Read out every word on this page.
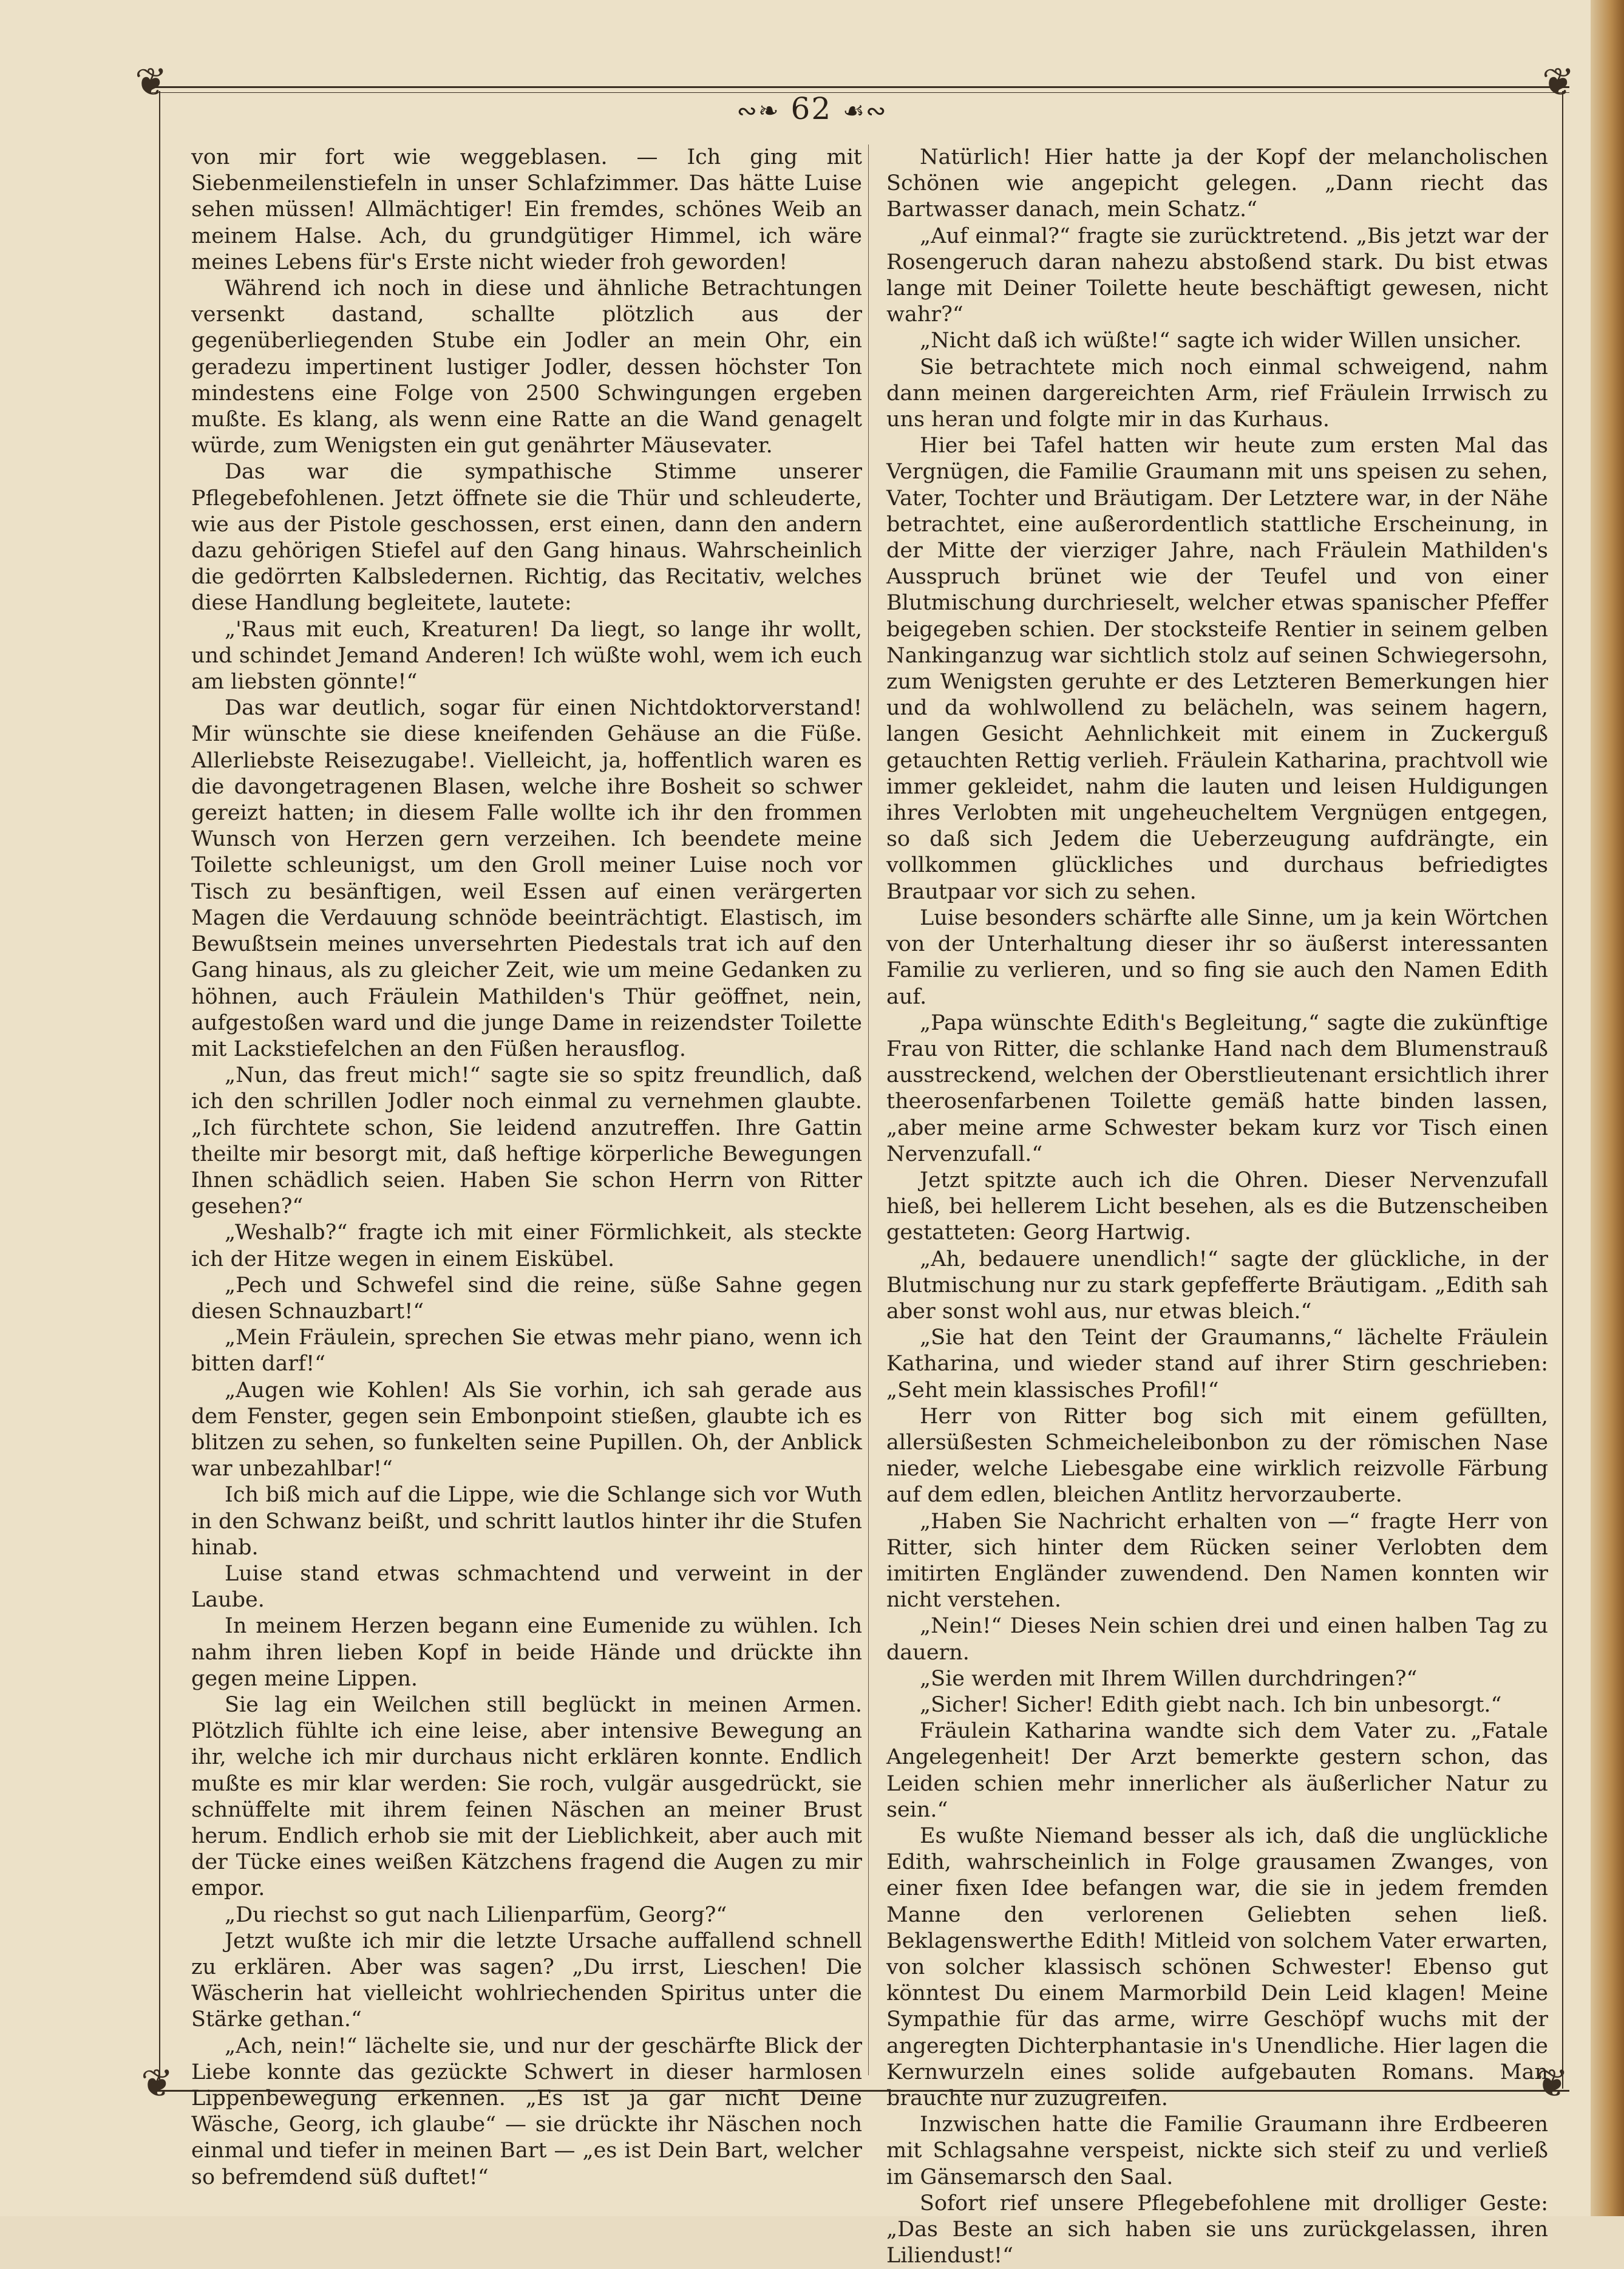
❦	❦
❦	❦
∾❧ 62 ☙∾

von mir fort wie weggeblasen. — Ich ging mit Siebenmeilenstiefeln in unser Schlafzimmer. Das hätte Luise sehen müssen! Allmächtiger! Ein fremdes, schönes Weib an meinem Halse. Ach, du grundgütiger Himmel, ich wäre meines Lebens für's Erste nicht wieder froh geworden!

Während ich noch in diese und ähnliche Betrachtungen versenkt dastand, schallte plötzlich aus der gegenüberliegenden Stube ein Jodler an mein Ohr, ein geradezu impertinent lustiger Jodler, dessen höchster Ton mindestens eine Folge von 2500 Schwingungen ergeben mußte. Es klang, als wenn eine Ratte an die Wand genagelt würde, zum Wenigsten ein gut genährter Mäusevater.

Das war die sympathische Stimme unserer Pflegebefohlenen. Jetzt öffnete sie die Thür und schleuderte, wie aus der Pistole geschossen, erst einen, dann den andern dazu gehörigen Stiefel auf den Gang hinaus. Wahrscheinlich die gedörrten Kalbsledernen. Richtig, das Recitativ, welches diese Handlung begleitete, lautete:

„'Raus mit euch, Kreaturen! Da liegt, so lange ihr wollt, und schindet Jemand Anderen! Ich wüßte wohl, wem ich euch am liebsten gönnte!“

Das war deutlich, sogar für einen Nichtdoktorverstand! Mir wünschte sie diese kneifenden Gehäuse an die Füße. Allerliebste Reisezugabe!. Vielleicht, ja, hoffentlich waren es die davongetragenen Blasen, welche ihre Bosheit so schwer gereizt hatten; in diesem Falle wollte ich ihr den frommen Wunsch von Herzen gern verzeihen. Ich beendete meine Toilette schleunigst, um den Groll meiner Luise noch vor Tisch zu besänftigen, weil Essen auf einen verärgerten Magen die Verdauung schnöde beeinträchtigt. Elastisch, im Bewußtsein meines unversehrten Piedestals trat ich auf den Gang hinaus, als zu gleicher Zeit, wie um meine Gedanken zu höhnen, auch Fräulein Mathilden's Thür geöffnet, nein, aufgestoßen ward und die junge Dame in reizendster Toilette mit Lackstiefelchen an den Füßen herausflog.

„Nun, das freut mich!“ sagte sie so spitz freundlich, daß ich den schrillen Jodler noch einmal zu vernehmen glaubte. „Ich fürchtete schon, Sie leidend anzutreffen. Ihre Gattin theilte mir besorgt mit, daß heftige körperliche Bewegungen Ihnen schädlich seien. Haben Sie schon Herrn von Ritter gesehen?“

„Weshalb?“ fragte ich mit einer Förmlichkeit, als steckte ich der Hitze wegen in einem Eiskübel.

„Pech und Schwefel sind die reine, süße Sahne gegen diesen Schnauzbart!“

„Mein Fräulein, sprechen Sie etwas mehr piano, wenn ich bitten darf!“

„Augen wie Kohlen! Als Sie vorhin, ich sah gerade aus dem Fenster, gegen sein Embonpoint stießen, glaubte ich es blitzen zu sehen, so funkelten seine Pupillen. Oh, der Anblick war unbezahlbar!“

Ich biß mich auf die Lippe, wie die Schlange sich vor Wuth in den Schwanz beißt, und schritt lautlos hinter ihr die Stufen hinab.

Luise stand etwas schmachtend und verweint in der Laube.

In meinem Herzen begann eine Eumenide zu wühlen. Ich nahm ihren lieben Kopf in beide Hände und drückte ihn gegen meine Lippen.

Sie lag ein Weilchen still beglückt in meinen Armen. Plötzlich fühlte ich eine leise, aber intensive Bewegung an ihr, welche ich mir durchaus nicht erklären konnte. Endlich mußte es mir klar werden: Sie roch, vulgär ausgedrückt, sie schnüffelte mit ihrem feinen Näschen an meiner Brust herum. Endlich erhob sie mit der Lieblichkeit, aber auch mit der Tücke eines weißen Kätzchens fragend die Augen zu mir empor.

„Du riechst so gut nach Lilienparfüm, Georg?“

Jetzt wußte ich mir die letzte Ursache auffallend schnell zu erklären. Aber was sagen? „Du irrst, Lieschen! Die Wäscherin hat vielleicht wohlriechenden Spiritus unter die Stärke gethan.“

„Ach, nein!“ lächelte sie, und nur der geschärfte Blick der Liebe konnte das gezückte Schwert in dieser harmlosen Lippenbewegung erkennen. „Es ist ja gar nicht Deine Wäsche, Georg, ich glaube“ — sie drückte ihr Näschen noch einmal und tiefer in meinen Bart — „es ist Dein Bart, welcher so befremdend süß duftet!“

Natürlich! Hier hatte ja der Kopf der melancholischen Schönen wie angepicht gelegen. „Dann riecht das Bartwasser danach, mein Schatz.“

„Auf einmal?“ fragte sie zurücktretend. „Bis jetzt war der Rosengeruch daran nahezu abstoßend stark. Du bist etwas lange mit Deiner Toilette heute beschäftigt gewesen, nicht wahr?“

„Nicht daß ich wüßte!“ sagte ich wider Willen unsicher.

Sie betrachtete mich noch einmal schweigend, nahm dann meinen dargereichten Arm, rief Fräulein Irrwisch zu uns heran und folgte mir in das Kurhaus.

Hier bei Tafel hatten wir heute zum ersten Mal das Vergnügen, die Familie Graumann mit uns speisen zu sehen, Vater, Tochter und Bräutigam. Der Letztere war, in der Nähe betrachtet, eine außerordentlich stattliche Erscheinung, in der Mitte der vierziger Jahre, nach Fräulein Mathilden's Ausspruch brünet wie der Teufel und von einer Blutmischung durchrieselt, welcher etwas spanischer Pfeffer beigegeben schien. Der stocksteife Rentier in seinem gelben Nankinganzug war sichtlich stolz auf seinen Schwiegersohn, zum Wenigsten geruhte er des Letzteren Bemerkungen hier und da wohlwollend zu belächeln, was seinem hagern, langen Gesicht Aehnlichkeit mit einem in Zuckerguß getauchten Rettig verlieh. Fräulein Katharina, prachtvoll wie immer gekleidet, nahm die lauten und leisen Huldigungen ihres Verlobten mit ungeheucheltem Vergnügen entgegen, so daß sich Jedem die Ueberzeugung aufdrängte, ein vollkommen glückliches und durchaus befriedigtes Brautpaar vor sich zu sehen.

Luise besonders schärfte alle Sinne, um ja kein Wörtchen von der Unterhaltung dieser ihr so äußerst interessanten Familie zu verlieren, und so fing sie auch den Namen Edith auf.

„Papa wünschte Edith's Begleitung,“ sagte die zukünftige Frau von Ritter, die schlanke Hand nach dem Blumenstrauß ausstreckend, welchen der Oberstlieutenant ersichtlich ihrer theerosenfarbenen Toilette gemäß hatte binden lassen, „aber meine arme Schwester bekam kurz vor Tisch einen Nervenzufall.“

Jetzt spitzte auch ich die Ohren. Dieser Nervenzufall hieß, bei hellerem Licht besehen, als es die Butzenscheiben gestatteten: Georg Hartwig.

„Ah, bedauere unendlich!“ sagte der glückliche, in der Blutmischung nur zu stark gepfefferte Bräutigam. „Edith sah aber sonst wohl aus, nur etwas bleich.“

„Sie hat den Teint der Graumanns,“ lächelte Fräulein Katharina, und wieder stand auf ihrer Stirn geschrieben: „Seht mein klassisches Profil!“

Herr von Ritter bog sich mit einem gefüllten, allersüßesten Schmeicheleibonbon zu der römischen Nase nieder, welche Liebesgabe eine wirklich reizvolle Färbung auf dem edlen, bleichen Antlitz hervorzauberte.

„Haben Sie Nachricht erhalten von —“ fragte Herr von Ritter, sich hinter dem Rücken seiner Verlobten dem imitirten Engländer zuwendend. Den Namen konnten wir nicht verstehen.

„Nein!“ Dieses Nein schien drei und einen halben Tag zu dauern.

„Sie werden mit Ihrem Willen durchdringen?“

„Sicher! Sicher! Edith giebt nach. Ich bin unbesorgt.“

Fräulein Katharina wandte sich dem Vater zu. „Fatale Angelegenheit! Der Arzt bemerkte gestern schon, das Leiden schien mehr innerlicher als äußerlicher Natur zu sein.“

Es wußte Niemand besser als ich, daß die unglückliche Edith, wahrscheinlich in Folge grausamen Zwanges, von einer fixen Idee befangen war, die sie in jedem fremden Manne den verlorenen Geliebten sehen ließ. Beklagenswerthe Edith! Mitleid von solchem Vater erwarten, von solcher klassisch schönen Schwester! Ebenso gut könntest Du einem Marmorbild Dein Leid klagen! Meine Sympathie für das arme, wirre Geschöpf wuchs mit der angeregten Dichterphantasie in's Unendliche. Hier lagen die Kernwurzeln eines solide aufgebauten Romans. Man brauchte nur zuzugreifen.

Inzwischen hatte die Familie Graumann ihre Erdbeeren mit Schlagsahne verspeist, nickte sich steif zu und verließ im Gänsemarsch den Saal.

Sofort rief unsere Pflegebefohlene mit drolliger Geste: „Das Beste an sich haben sie uns zurückgelassen, ihren Liliendust!“
